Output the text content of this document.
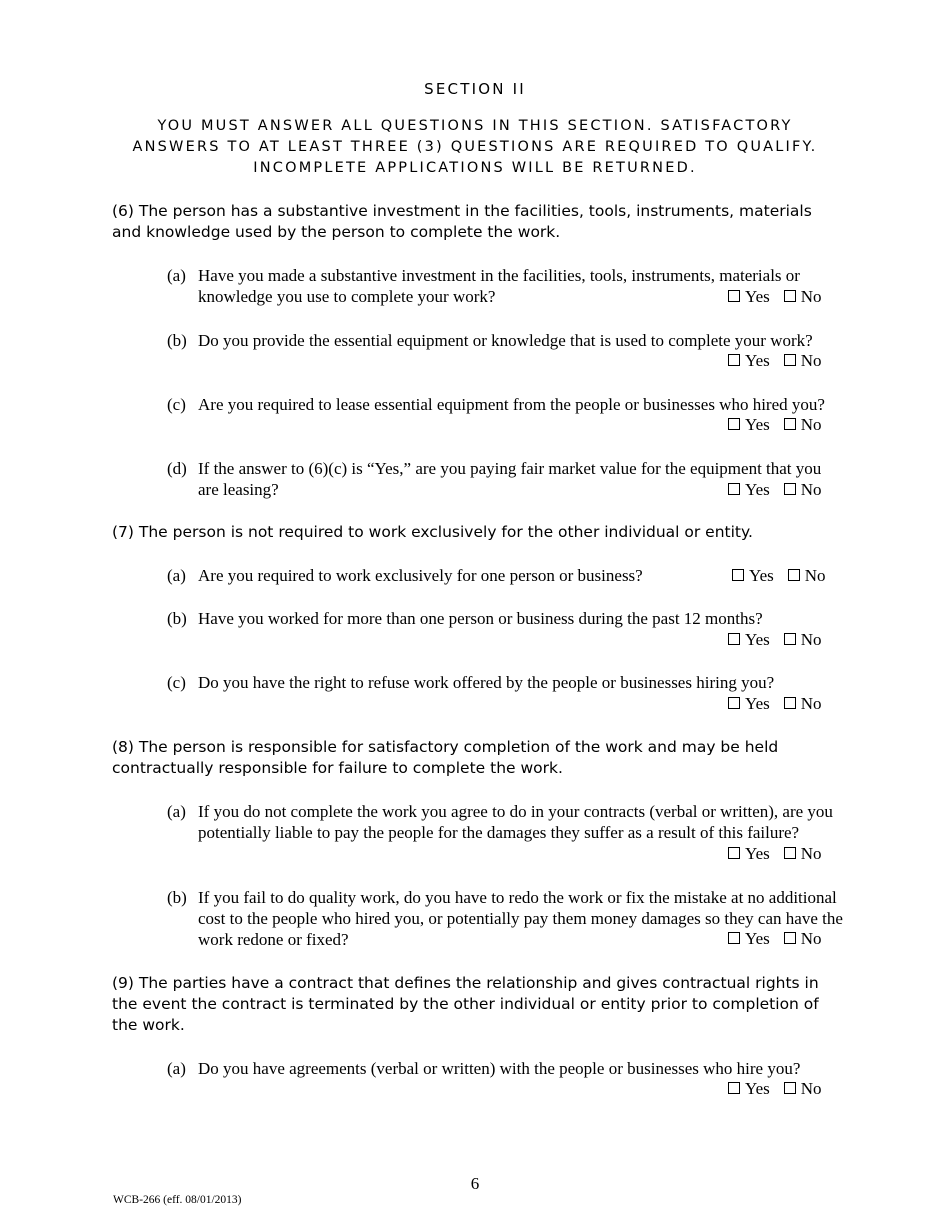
SECTION II
YOU MUST ANSWER ALL QUESTIONS IN THIS SECTION. SATISFACTORY
ANSWERS TO AT LEAST THREE (3) QUESTIONS ARE REQUIRED TO QUALIFY.
INCOMPLETE APPLICATIONS WILL BE RETURNED.
(6) The person has a substantive investment in the facilities, tools, instruments, materials and knowledge used by the person to complete the work.
(a) Have you made a substantive investment in the facilities, tools, instruments, materials or knowledge you use to complete your work?	Yes No
(b) Do you provide the essential equipment or knowledge that is used to complete your work?
Yes No
(c) Are you required to lease essential equipment from the people or businesses who hired you?
Yes No
(d) If the answer to (6)(c) is “Yes,” are you paying fair market value for the equipment that you are leasing?	Yes No
(7) The person is not required to work exclusively for the other individual or entity.
(a) Are you required to work exclusively for one person or business?	Yes No
(b) Have you worked for more than one person or business during the past 12 months?
Yes No
(c) Do you have the right to refuse work offered by the people or businesses hiring you?
Yes No
(8) The person is responsible for satisfactory completion of the work and may be held contractually responsible for failure to complete the work.
(a) If you do not complete the work you agree to do in your contracts (verbal or written), are you potentially liable to pay the people for the damages they suffer as a result of this failure?
Yes No
(b) If you fail to do quality work, do you have to redo the work or fix the mistake at no additional cost to the people who hired you, or potentially pay them money damages so they can have the work redone or fixed?	Yes No
(9) The parties have a contract that defines the relationship and gives contractual rights in the event the contract is terminated by the other individual or entity prior to completion of the work.
(a) Do you have agreements (verbal or written) with the people or businesses who hire you?
Yes No
6
WCB-266 (eff. 08/01/2013)
